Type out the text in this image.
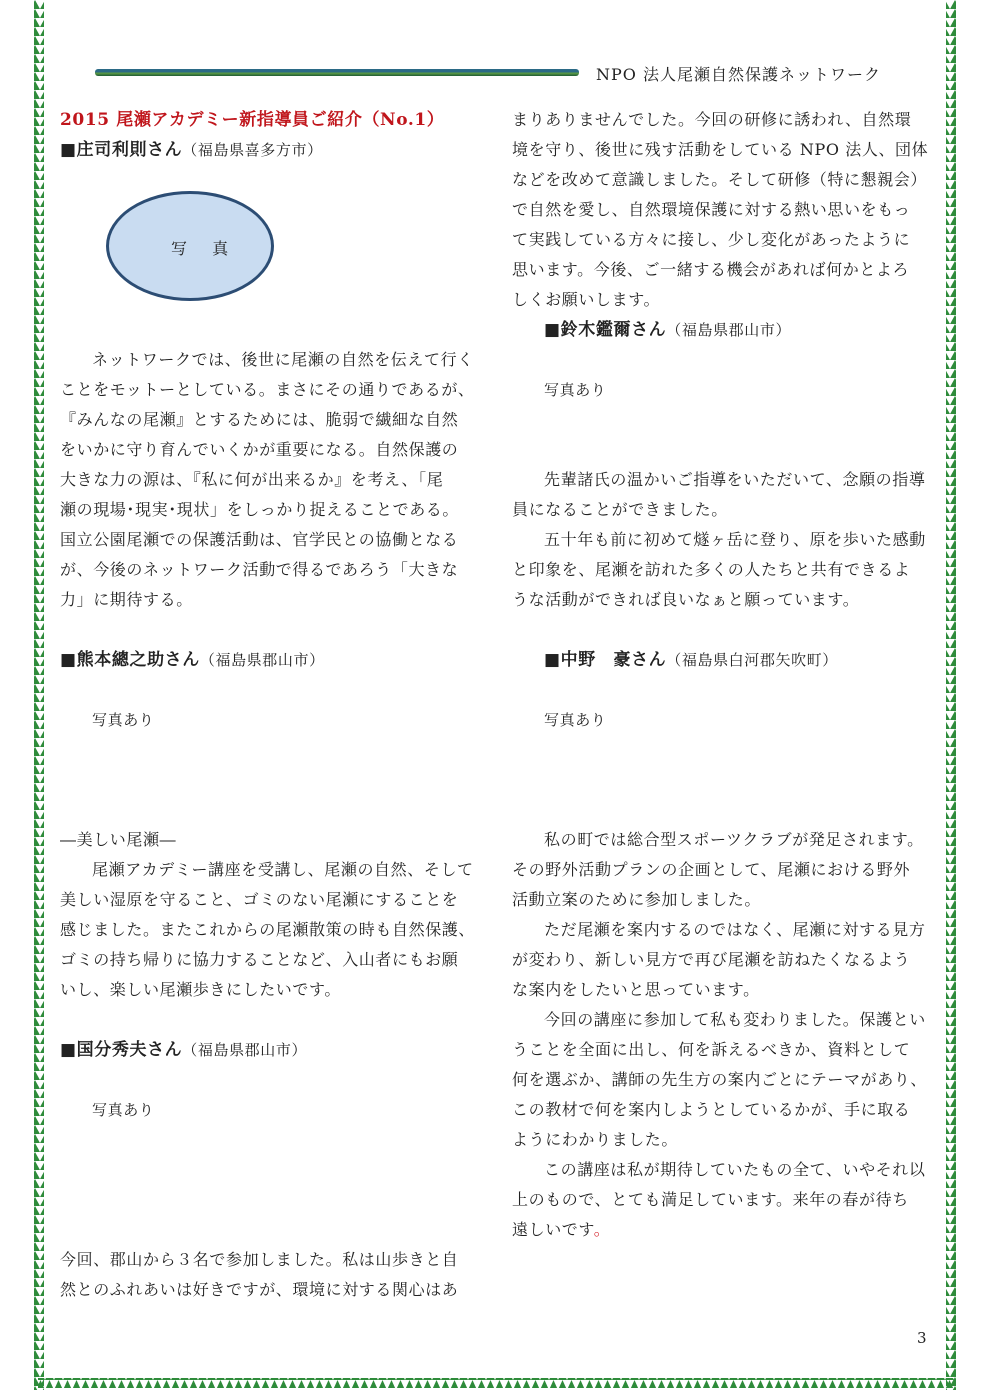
NPO 法人尾瀬自然保護ネットワーク
写 真
2015 尾瀬アカデミー新指導員ご紹介（No.1）
■庄司利則さん（福島県喜多方市）
ネットワークでは、後世に尾瀬の自然を伝えて行く
ことをモットーとしている。まさにその通りであるが、
『みんなの尾瀬』とするためには、脆弱で繊細な自然
をいかに守り育んでいくかが重要になる。自然保護の
大きな力の源は、『私に何が出来るか』を考え、「尾
瀬の現場･現実･現状」をしっかり捉えることである。
国立公園尾瀬での保護活動は、官学民との協働となる
が、今後のネットワーク活動で得るであろう「大きな
力」に期待する。
■熊本總之助さん（福島県郡山市）
写真あり
―美しい尾瀬―
尾瀬アカデミー講座を受講し、尾瀬の自然、そして
美しい湿原を守ること、ゴミのない尾瀬にすることを
感じました。またこれからの尾瀬散策の時も自然保護、
ゴミの持ち帰りに協力することなど、入山者にもお願
いし、楽しい尾瀬歩きにしたいです。
■国分秀夫さん（福島県郡山市）
写真あり
今回、郡山から３名で参加しました。私は山歩きと自
然とのふれあいは好きですが、環境に対する関心はあ
まりありませんでした。今回の研修に誘われ、自然環
境を守り、後世に残す活動をしている NPO 法人、団体
などを改めて意識しました。そして研修（特に懇親会）
で自然を愛し、自然環境保護に対する熱い思いをもっ
て実践している方々に接し、少し変化があったように
思います。今後、ご一緒する機会があれば何かとよろ
しくお願いします。
■鈴木鑑爾さん（福島県郡山市）
写真あり
先輩諸氏の温かいご指導をいただいて、念願の指導
員になることができました。
五十年も前に初めて燧ヶ岳に登り、原を歩いた感動
と印象を、尾瀬を訪れた多くの人たちと共有できるよ
うな活動ができれば良いなぁと願っています。
■中野　豪さん（福島県白河郡矢吹町）
写真あり
私の町では総合型スポーツクラブが発足されます。
その野外活動プランの企画として、尾瀬における野外
活動立案のために参加しました。
ただ尾瀬を案内するのではなく、尾瀬に対する見方
が変わり、新しい見方で再び尾瀬を訪ねたくなるよう
な案内をしたいと思っています。
今回の講座に参加して私も変わりました。保護とい
うことを全面に出し、何を訴えるべきか、資料として
何を選ぶか、講師の先生方の案内ごとにテーマがあり、
この教材で何を案内しようとしているかが、手に取る
ようにわかりました。
この講座は私が期待していたもの全て、いやそれ以
上のもので、とても満足しています。来年の春が待ち
遠しいです。
3
